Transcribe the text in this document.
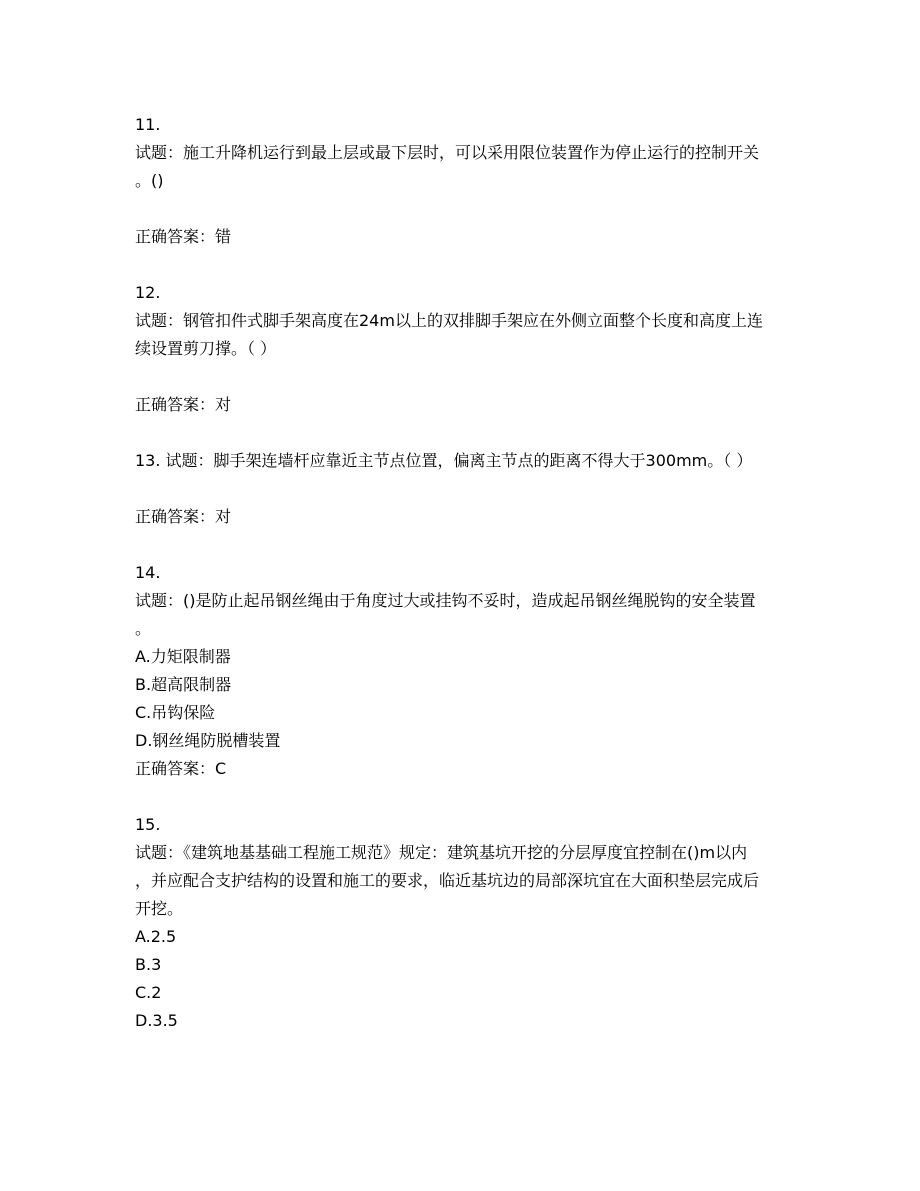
11.
试题：施工升降机运行到最上层或最下层时，可以采用限位装置作为停止运行的控制开关
。()
正确答案：错
12.
试题：钢管扣件式脚手架高度在24m以上的双排脚手架应在外侧立面整个长度和高度上连
续设置剪刀撑。（ ）
正确答案：对
13. 试题：脚手架连墙杆应靠近主节点位置，偏离主节点的距离不得大于300mm。（ ）
正确答案：对
14.
试题：()是防止起吊钢丝绳由于角度过大或挂钩不妥时，造成起吊钢丝绳脱钩的安全装置
。
A.力矩限制器
B.超高限制器
C.吊钩保险
D.钢丝绳防脱槽装置
正确答案：C
15.
试题：《建筑地基基础工程施工规范》规定：建筑基坑开挖的分层厚度宜控制在()m以内
，并应配合支护结构的设置和施工的要求，临近基坑边的局部深坑宜在大面积垫层完成后
开挖。
A.2.5
B.3
C.2
D.3.5
